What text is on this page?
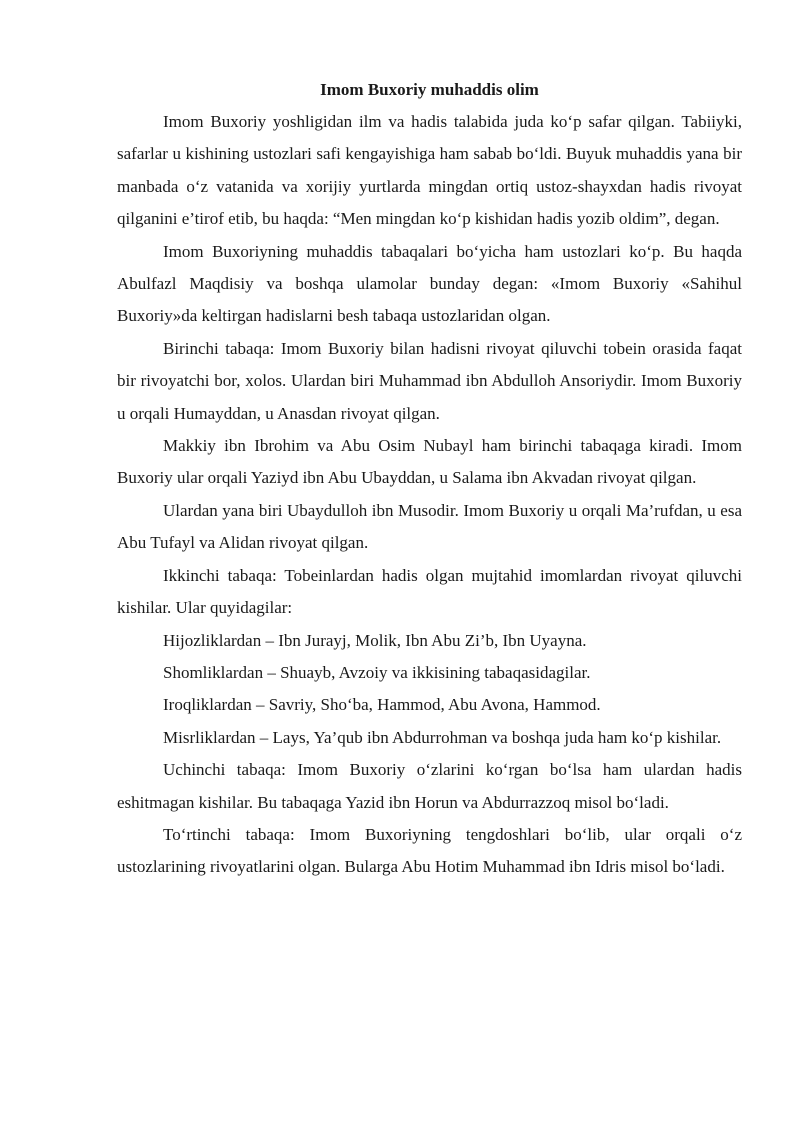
Imom Buxoriy muhaddis olim

Imom Buxoriy yoshligidan ilm va hadis talabida juda ko‘p safar qilgan. Tabiiyki, safarlar u kishining ustozlari safi kengayishiga ham sabab bo‘ldi. Buyuk muhaddis yana bir manbada o‘z vatanida va xorijiy yurtlarda mingdan ortiq ustoz-shayxdan hadis rivoyat qilganini e’tirof etib, bu haqda: “Men mingdan ko‘p kishidan hadis yozib oldim”, degan.

Imom Buxoriyning muhaddis tabaqalari bo‘yicha ham ustozlari ko‘p. Bu haqda Abulfazl Maqdisiy va boshqa ulamolar bunday degan: «Imom Buxoriy «Sahihul Buxoriy»da keltirgan hadislarni besh tabaqa ustozlaridan olgan.

Birinchi tabaqa: Imom Buxoriy bilan hadisni rivoyat qiluvchi tobein orasida faqat bir rivoyatchi bor, xolos. Ulardan biri Muhammad ibn Abdulloh Ansoriydir. Imom Buxoriy u orqali Humayddan, u Anasdan rivoyat qilgan.

Makkiy ibn Ibrohim va Abu Osim Nubayl ham birinchi tabaqaga kiradi. Imom Buxoriy ular orqali Yaziyd ibn Abu Ubayddan, u Salama ibn Akvadan rivoyat qilgan.

Ulardan yana biri Ubaydulloh ibn Musodir. Imom Buxoriy u orqali Ma’rufdan, u esa Abu Tufayl va Alidan rivoyat qilgan.

Ikkinchi tabaqa: Tobeinlardan hadis olgan mujtahid imomlardan rivoyat qiluvchi kishilar. Ular quyidagilar:

Hijozliklardan – Ibn Jurayj, Molik, Ibn Abu Zi’b, Ibn Uyayna.

Shomliklardan – Shuayb, Avzoiy va ikkisining tabaqasidagilar.

Iroqliklardan – Savriy, Sho‘ba, Hammod, Abu Avona, Hammod.

Misrliklardan – Lays, Ya’qub ibn Abdurrohman va boshqa juda ham ko‘p kishilar.

Uchinchi tabaqa: Imom Buxoriy o‘zlarini ko‘rgan bo‘lsa ham ulardan hadis eshitmagan kishilar. Bu tabaqaga Yazid ibn Horun va Abdurrazzoq misol bo‘ladi.

To‘rtinchi tabaqa: Imom Buxoriyning tengdoshlari bo‘lib, ular orqali o‘z ustozlarining rivoyatlarini olgan. Bularga Abu Hotim Muhammad ibn Idris misol bo‘ladi.
